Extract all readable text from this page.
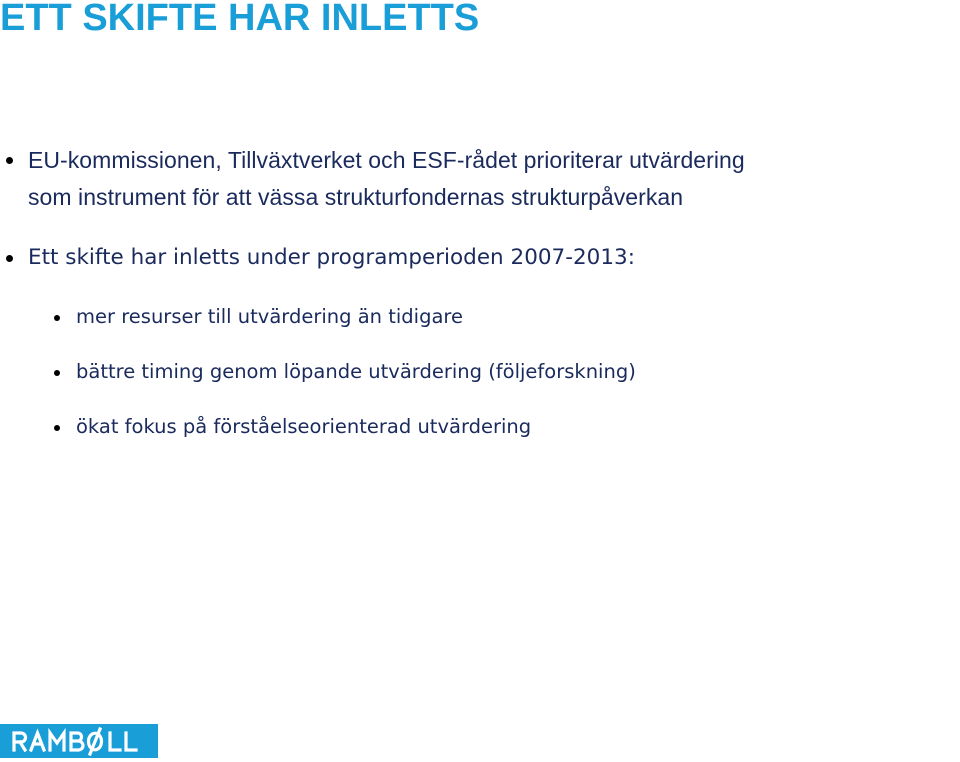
ETT SKIFTE HAR INLETTS
EU-kommissionen, Tillväxtverket och ESF-rådet prioriterar utvärdering
som instrument för att vässa strukturfondernas strukturpåverkan
Ett skifte har inletts under programperioden 2007-2013:
mer resurser till utvärdering än tidigare
bättre timing genom löpande utvärdering (följeforskning)
ökat fokus på förståelseorienterad utvärdering
